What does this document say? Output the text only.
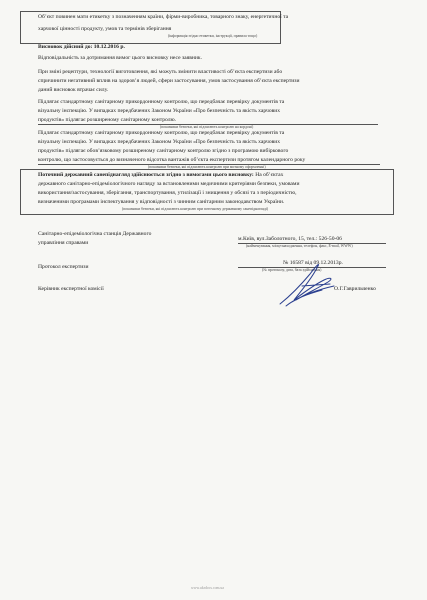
Об’єкт повинен мати етикетку з позначенням країни, фірми-виробника, товарного знаку, енергетичної та
харчової цінності продукту, умов та термінів зберігання
(інформація згідно етикетки, інструкції, правила тощо)
Висновок дійсний до: 10.12.2016 р.
Відповідальність за дотримання вимог цього висновку несе заявник.
При зміні рецептури, технології виготовлення, які можуть змінити властивості об’єкта експертизи або
спричинити негативний вплив на здоров’я людей, сфери застосування, умов застосування об’єкта експертизи
даний висновок втрачає силу.
Підлягає стандартному санітарному прикордонному контролю, що передбачає перевірку документів та
візуальну інспекцію. У випадках передбачених Законом України «Про безпечність та якість харчових
продуктів» підлягає розширеному санітарному контролю.
(показники безпеки, які підлягають контролю на кордоні)
Підлягає стандартному санітарному прикордонному контролю, що передбачає перевірку документів та
візуальну інспекцію. У випадках передбачених Законом України «Про безпечність та якість харчових
продуктів» підлягає обов’язковому розширеному санітарному контролю згідно з програмою вибіркового
контролю, що застосовується до визначеного відсотка вантажів об’єкта експертизи протягом календарного року
(показники безпеки, які підлягають контролю при митному оформленні)
Поточний державний санепіднагляд здійснюється згідно з вимогами цього висновку: На об’єктах
державного санітарно-епідеміологічного нагляду за встановленими медичними критеріями безпеки, умовами
використання/застосування, зберігання, транспортування, утилізації і знищення у обсязі та з періодичністю,
визначеними програмами інспектування у відповідності з чинним санітарним законодавством України.
(показники безпеки, які підлягають контролю при поточному державному санепіднагляді)
Санітарно-епідеміологічна станція Державного
управління справами
м.Київ, вул.Заболотного, 15, тел.: 526-50-06
(найменування, місцезнаходження, телефон, факс, Е-mail, WWW)
Протокол експертизи
№ 16587 від 09.12.2013р.
(№ протоколу, дата, база здійснення)
Керівник експертної комісії	О.Г.Гаврильченко
www.ukrdocs.com.ua
